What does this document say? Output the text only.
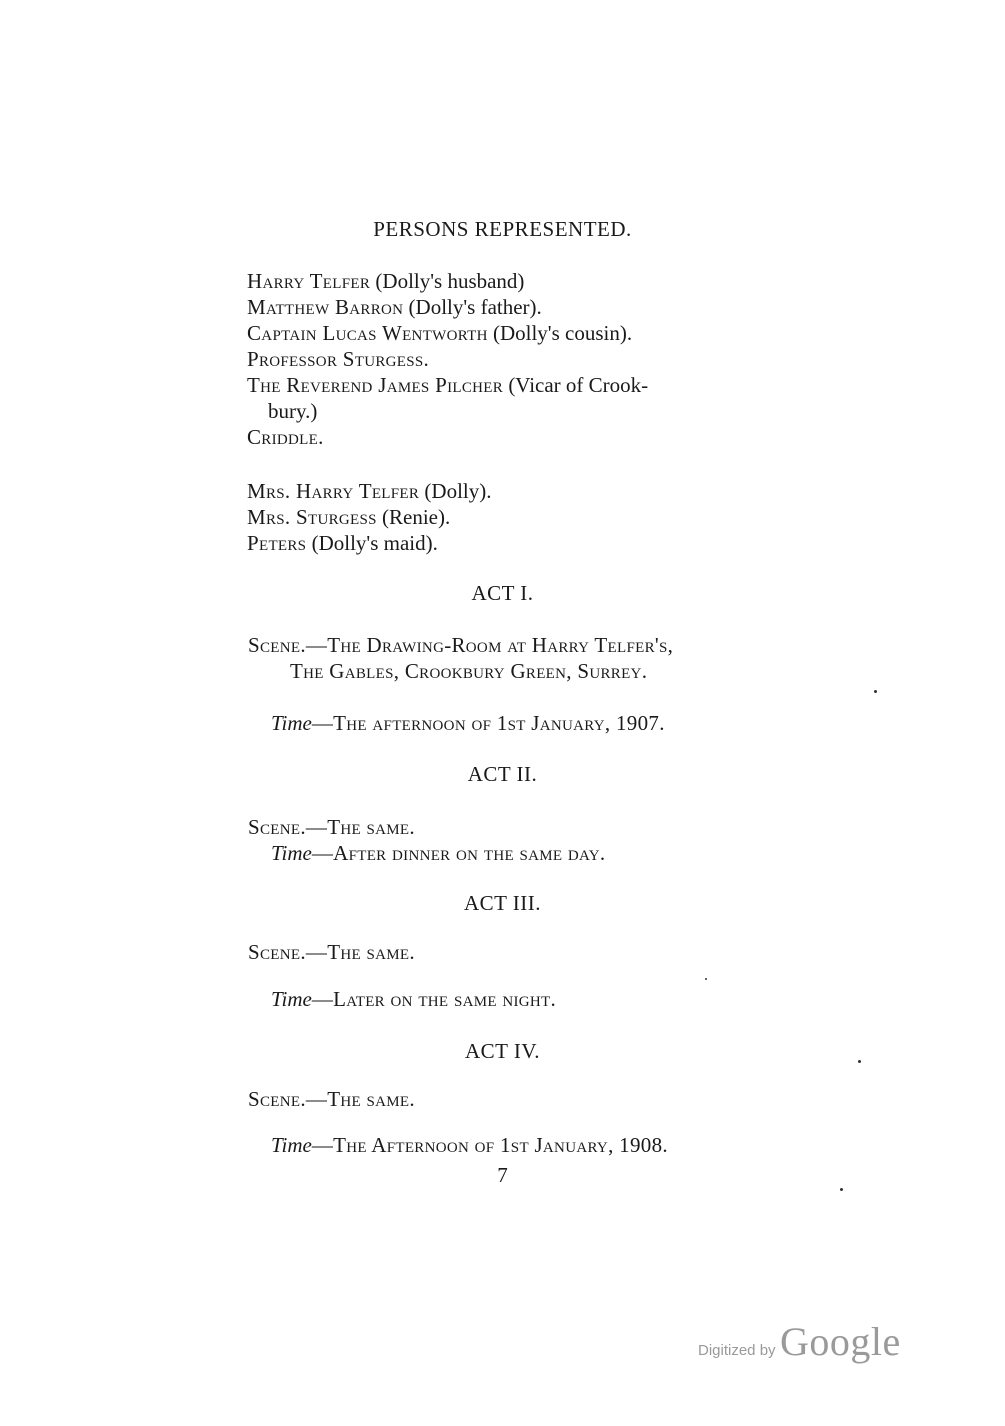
PERSONS REPRESENTED.
Harry Telfer (Dolly's husband)
Matthew Barron (Dolly's father).
Captain Lucas Wentworth (Dolly's cousin).
Professor Sturgess.
The Reverend James Pilcher (Vicar of Crook-
bury.)
Criddle.
Mrs. Harry Telfer (Dolly).
Mrs. Sturgess (Renie).
Peters (Dolly's maid).
ACT I.
Scene.—The Drawing-Room at Harry Telfer's,
The Gables, Crookbury Green, Surrey.
Time—The afternoon of 1st January, 1907.
ACT II.
Scene.—The same.
Time—After dinner on the same day.
ACT III.
Scene.—The same.
Time—Later on the same night.
ACT IV.
Scene.—The same.
Time—The Afternoon of 1st January, 1908.
7
Digitized by Google
